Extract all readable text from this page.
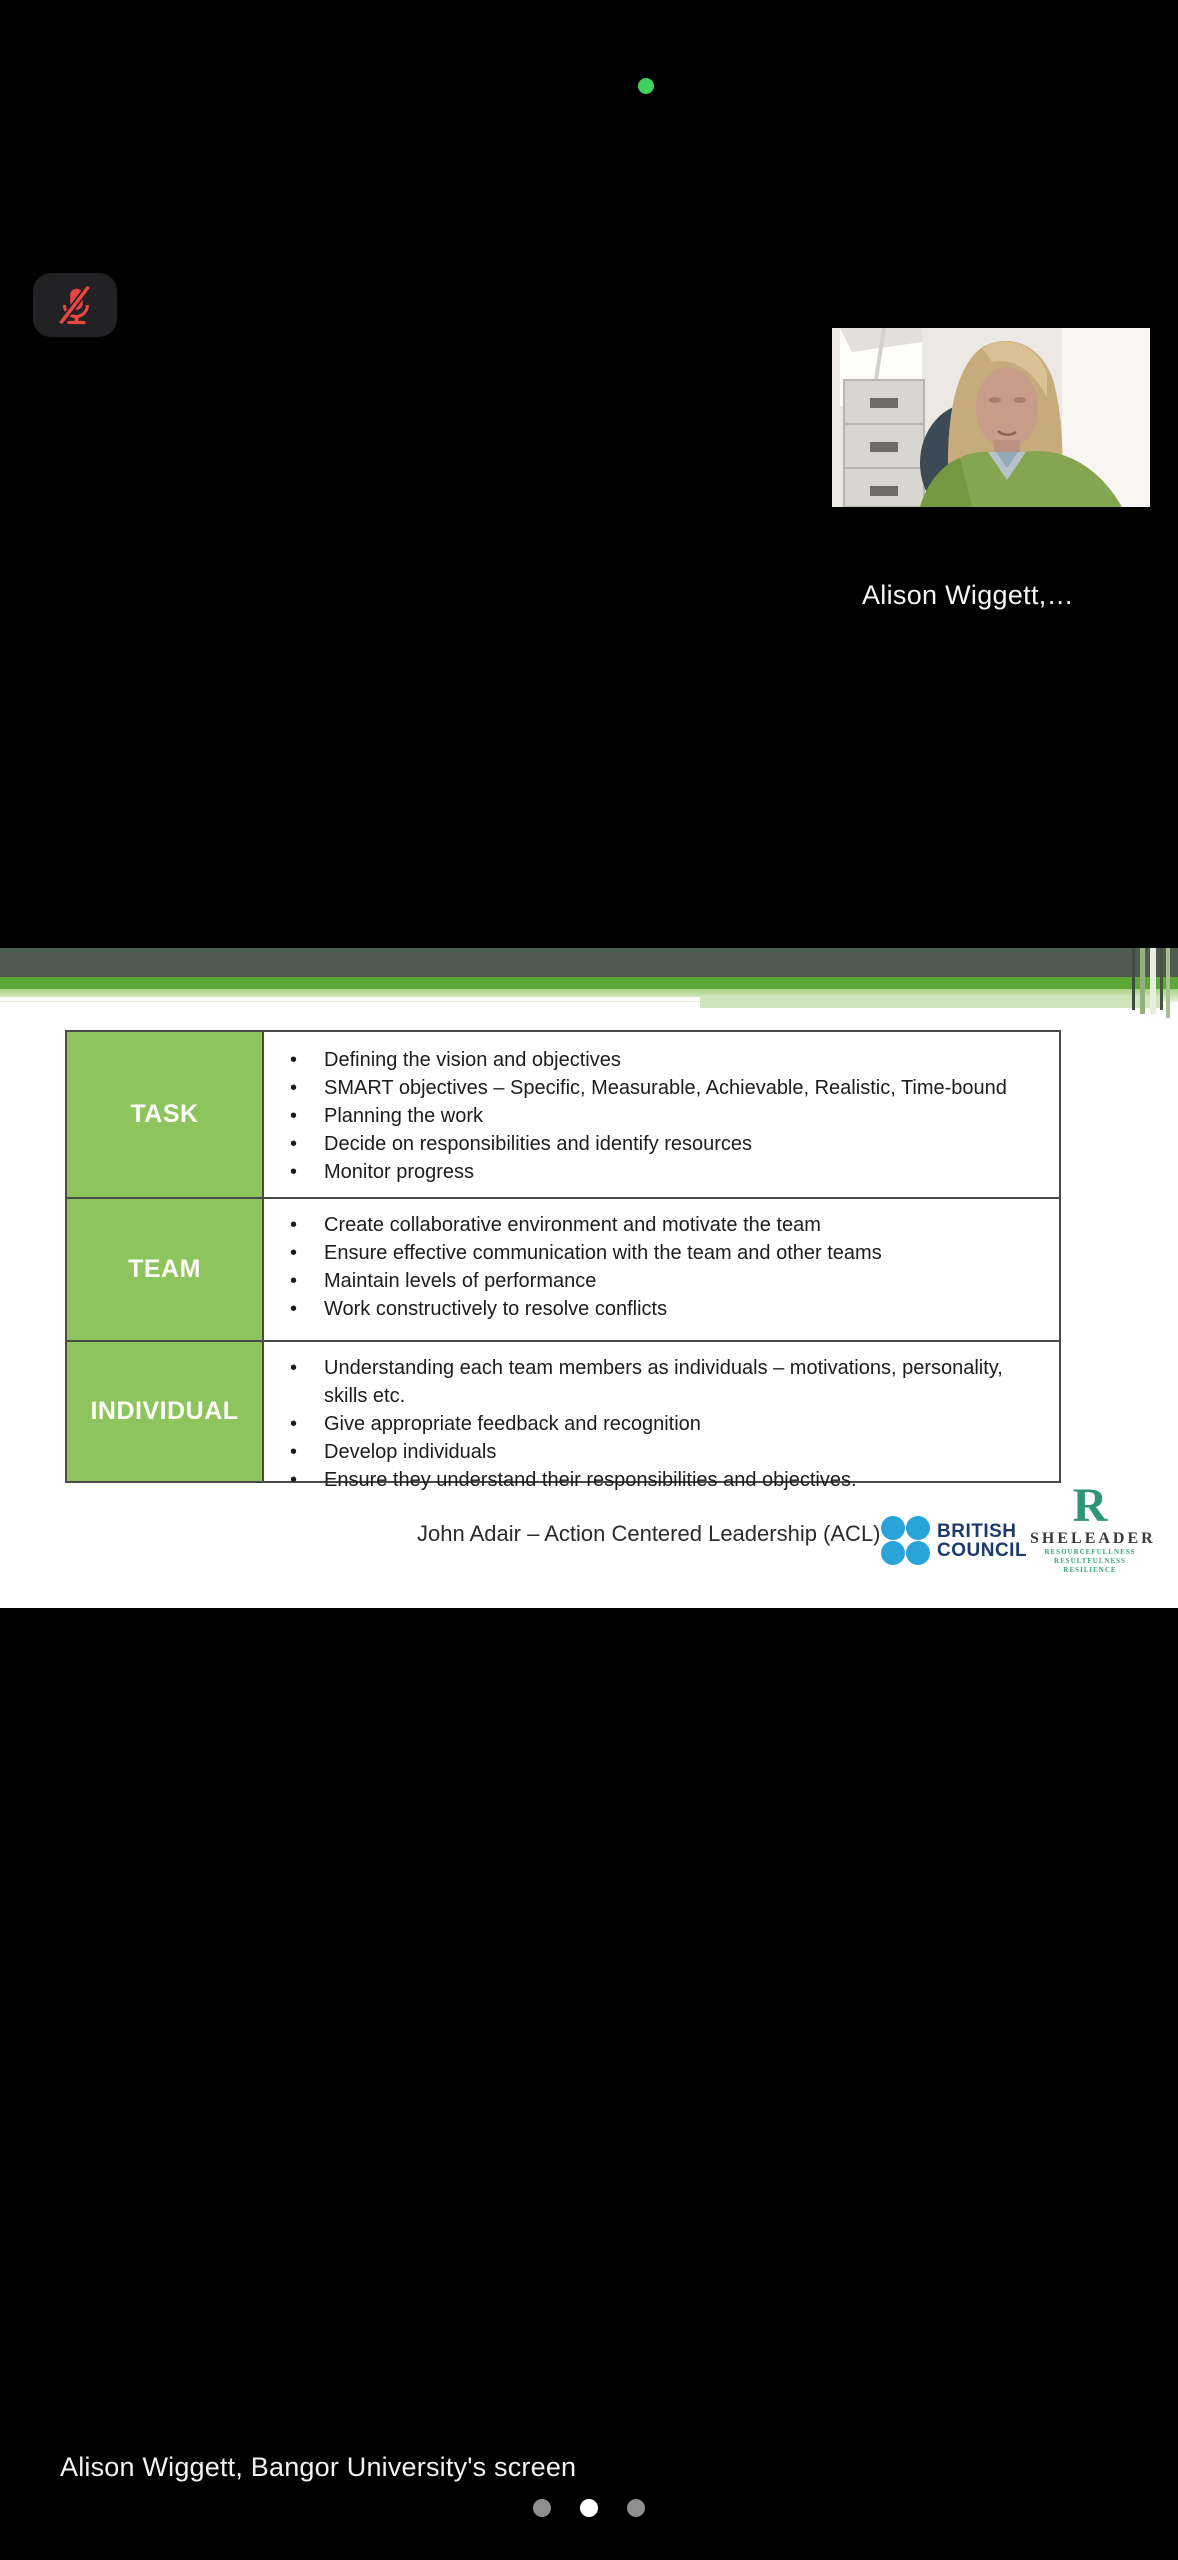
Alison Wiggett,…
TASK
• Defining the vision and objectives
• SMART objectives – Specific, Measurable, Achievable, Realistic, Time-bound
• Planning the work
• Decide on responsibilities and identify resources
• Monitor progress
TEAM
• Create collaborative environment and motivate the team
• Ensure effective communication with the team and other teams
• Maintain levels of performance
• Work constructively to resolve conflicts
INDIVIDUAL
• Understanding each team members as individuals – motivations, personality, skills etc.
• Give appropriate feedback and recognition
• Develop individuals
• Ensure they understand their responsibilities and objectives.
John Adair – Action Centered Leadership (ACL)	BRITISH
COUNCIL
R
SHELEADER
RESOURCEFULLNESS
RESULTFULNESS
RESILIENCE
Alison Wiggett, Bangor University's screen
